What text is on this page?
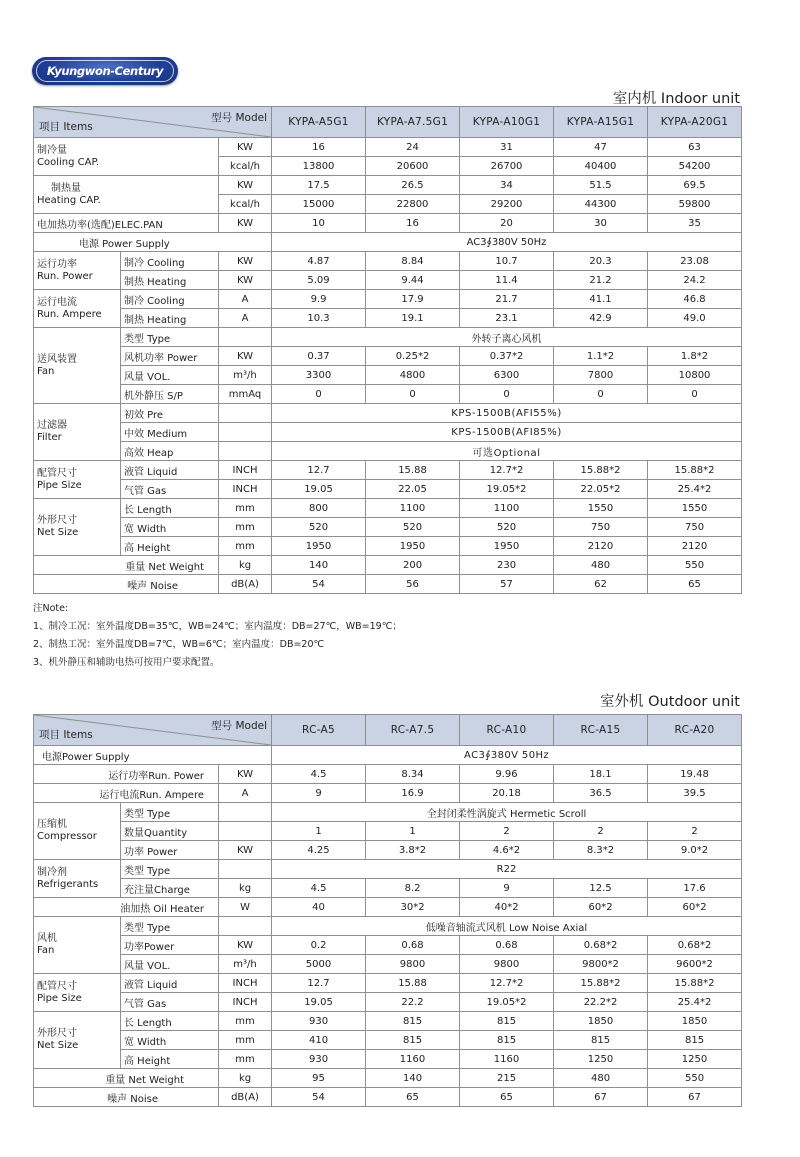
Kyungwon-Century
室内机 Indoor unit
型号 Model
项目 Items			KYPA-A5G1	KYPA-A7.5G1	KYPA-A10G1	KYPA-A15G1	KYPA-A20G1

制冷量
Cooling CAP.		KW	16	24	31	47	63
		kcal/h	13800	20600	26700	40400	54200

制热量
Heating CAP.		KW	17.5	26.5	34	51.5	69.5
		kcal/h	15000	22800	29200	44300	59800
电加热功率(选配)ELEC.PAN		KW	10	16	20	30	35
电源 Power Supply			AC3∮380V 50Hz				

运行功率
Run. Power	制冷 Cooling	KW	4.87	8.84	10.7	20.3	23.08
	制热 Heating	KW	5.09	9.44	11.4	21.2	24.2

运行电流
Run. Ampere	制冷 Cooling	A	9.9	17.9	21.7	41.1	46.8
	制热 Heating	A	10.3	19.1	23.1	42.9	49.0

送风装置
Fan	类型 Type		外转子离心风机				
	风机功率 Power	KW	0.37	0.25*2	0.37*2	1.1*2	1.8*2
	风量 VOL.	m³/h	3300	4800	6300	7800	10800
	机外静压 S/P	mmAq	0	0	0	0	0

过滤器
Filter	初效 Pre		KPS-1500B(AFI55%)				
	中效 Medium		KPS-1500B(AFI85%)				
	高效 Heap		可选Optional				

配管尺寸
Pipe Size	液管 Liquid	INCH	12.7	15.88	12.7*2	15.88*2	15.88*2
	气管 Gas	INCH	19.05	22.05	19.05*2	22.05*2	25.4*2

外形尺寸
Net Size	长 Length	mm	800	1100	1100	1550	1550
	宽 Width	mm	520	520	520	750	750
	高 Height	mm	1950	1950	1950	2120	2120
重量 Net Weight		kg	140	200	230	480	550
噪声 Noise		dB(A)	54	56	57	62	65
注Note:
1、制冷工况：室外温度DB=35℃，WB=24℃；室内温度：DB=27℃，WB=19℃；
2、制热工况：室外温度DB=7℃，WB=6℃；室内温度：DB=20℃
3、机外静压和辅助电热可按用户要求配置。
室外机 Outdoor unit
型号 Model
项目 Items			RC-A5	RC-A7.5	RC-A10	RC-A15	RC-A20
电源Power Supply			AC3∮380V 50Hz				
运行功率Run. Power		KW	4.5	8.34	9.96	18.1	19.48
运行电流Run. Ampere		A	9	16.9	20.18	36.5	39.5

压缩机
Compressor	类型 Type		全封闭柔性涡旋式 Hermetic Scroll				
	数量Quantity		1	1	2	2	2
	功率 Power	KW	4.25	3.8*2	4.6*2	8.3*2	9.0*2

制冷剂
Refrigerants	类型 Type		R22				
	充注量Charge	kg	4.5	8.2	9	12.5	17.6
油加热 Oil Heater		W	40	30*2	40*2	60*2	60*2

风机
Fan	类型 Type		低噪音轴流式风机 Low Noise Axial				
	功率Power	KW	0.2	0.68	0.68	0.68*2	0.68*2
	风量 VOL.	m³/h	5000	9800	9800	9800*2	9600*2

配管尺寸
Pipe Size	液管 Liquid	INCH	12.7	15.88	12.7*2	15.88*2	15.88*2
	气管 Gas	INCH	19.05	22.2	19.05*2	22.2*2	25.4*2

外形尺寸
Net Size	长 Length	mm	930	815	815	1850	1850
	宽 Width	mm	410	815	815	815	815
	高 Height	mm	930	1160	1160	1250	1250
重量 Net Weight		kg	95	140	215	480	550
噪声 Noise		dB(A)	54	65	65	67	67
